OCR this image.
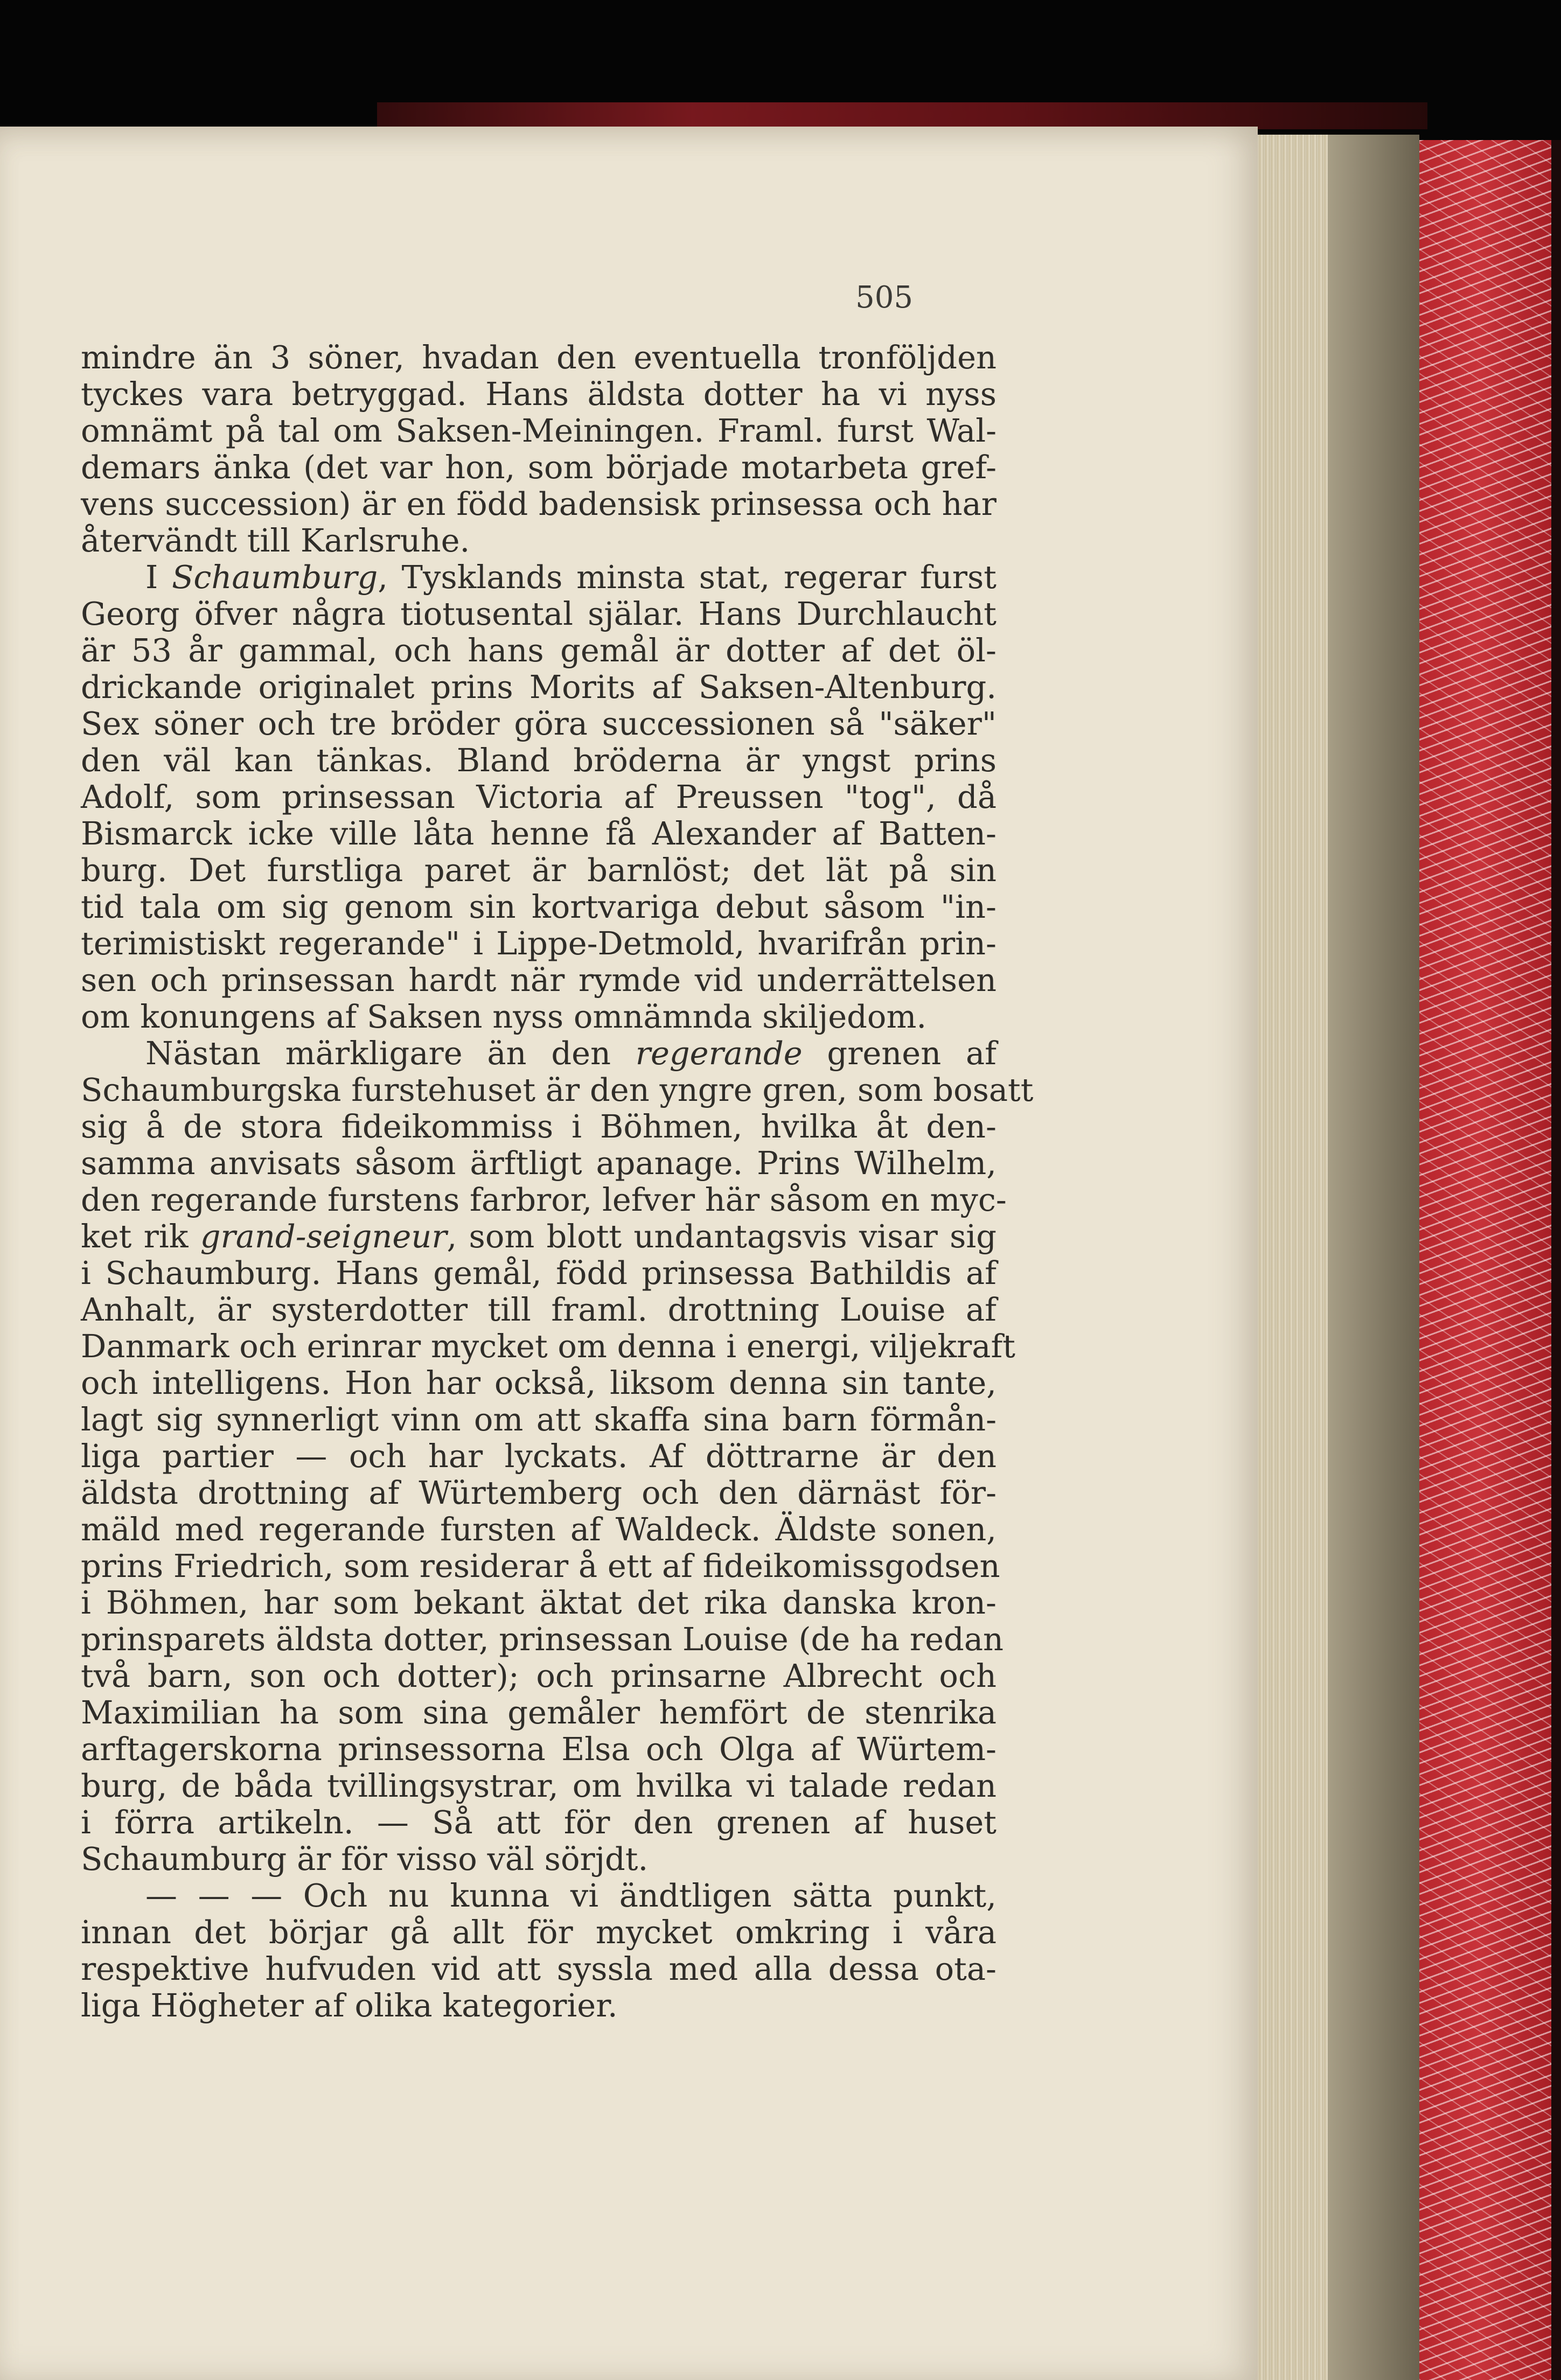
505
mindre än 3 söner, hvadan den eventuella tronföljden
tyckes vara betryggad. Hans äldsta dotter ha vi nyss
omnämt på tal om Saksen-Meiningen. Framl. furst Wal-
demars änka (det var hon, som började motarbeta gref-
vens succession) är en född badensisk prinsessa och har
återvändt till Karlsruhe.
I Schaumburg, Tysklands minsta stat, regerar furst
Georg öfver några tiotusental själar. Hans Durchlaucht
är 53 år gammal, och hans gemål är dotter af det öl-
drickande originalet prins Morits af Saksen-Altenburg.
Sex söner och tre bröder göra successionen så "säker"
den väl kan tänkas. Bland bröderna är yngst prins
Adolf, som prinsessan Victoria af Preussen "tog", då
Bismarck icke ville låta henne få Alexander af Batten-
burg. Det furstliga paret är barnlöst; det lät på sin
tid tala om sig genom sin kortvariga debut såsom "in-
terimistiskt regerande" i Lippe-Detmold, hvarifrån prin-
sen och prinsessan hardt när rymde vid underrättelsen
om konungens af Saksen nyss omnämnda skiljedom.
Nästan märkligare än den regerande grenen af
Schaumburgska furstehuset är den yngre gren, som bosatt
sig å de stora fideikommiss i Böhmen, hvilka åt den-
samma anvisats såsom ärftligt apanage. Prins Wilhelm,
den regerande furstens farbror, lefver här såsom en myc-
ket rik grand-seigneur, som blott undantagsvis visar sig
i Schaumburg. Hans gemål, född prinsessa Bathildis af
Anhalt, är systerdotter till framl. drottning Louise af
Danmark och erinrar mycket om denna i energi, viljekraft
och intelligens. Hon har också, liksom denna sin tante,
lagt sig synnerligt vinn om att skaffa sina barn förmån-
liga partier — och har lyckats. Af döttrarne är den
äldsta drottning af Würtemberg och den därnäst för-
mäld med regerande fursten af Waldeck. Äldste sonen,
prins Friedrich, som residerar å ett af fideikomissgodsen
i Böhmen, har som bekant äktat det rika danska kron-
prinsparets äldsta dotter, prinsessan Louise (de ha redan
två barn, son och dotter); och prinsarne Albrecht och
Maximilian ha som sina gemåler hemfört de stenrika
arftagerskorna prinsessorna Elsa och Olga af Würtem-
burg, de båda tvillingsystrar, om hvilka vi talade redan
i förra artikeln. — Så att för den grenen af huset
Schaumburg är för visso väl sörjdt.
— — — Och nu kunna vi ändtligen sätta punkt,
innan det börjar gå allt för mycket omkring i våra
respektive hufvuden vid att syssla med alla dessa ota-
liga Högheter af olika kategorier.
